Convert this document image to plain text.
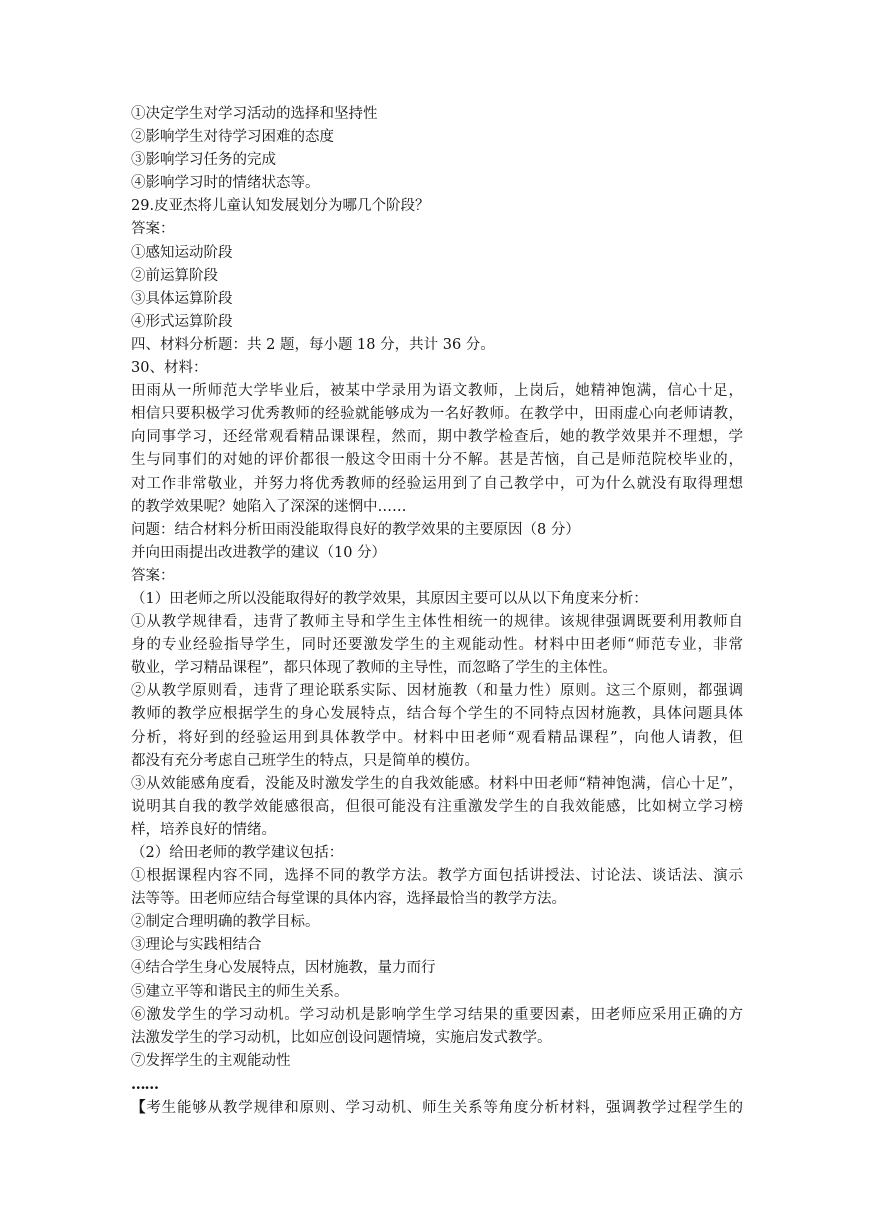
①决定学生对学习活动的选择和坚持性
②影响学生对待学习困难的态度
③影响学习任务的完成
④影响学习时的情绪状态等。
29.皮亚杰将儿童认知发展划分为哪几个阶段？
答案：
①感知运动阶段
②前运算阶段
③具体运算阶段
④形式运算阶段
四、材料分析题：共 2 题，每小题 18 分，共计 36 分。
30、材料：
田雨从一所师范大学毕业后，被某中学录用为语文教师，上岗后，她精神饱满，信心十足，
相信只要积极学习优秀教师的经验就能够成为一名好教师。在教学中，田雨虚心向老师请教，
向同事学习，还经常观看精品课课程，然而，期中教学检查后，她的教学效果并不理想，学
生与同事们的对她的评价都很一般这令田雨十分不解。甚是苦恼，自己是师范院校毕业的，
对工作非常敬业，并努力将优秀教师的经验运用到了自己教学中，可为什么就没有取得理想
的教学效果呢？她陷入了深深的迷惘中……
问题：结合材料分析田雨没能取得良好的教学效果的主要原因（8 分）
并向田雨提出改进教学的建议（10 分）
答案：
（1）田老师之所以没能取得好的教学效果，其原因主要可以从以下角度来分析：
①从教学规律看，违背了教师主导和学生主体性相统一的规律。该规律强调既要利用教师自
身的专业经验指导学生，同时还要激发学生的主观能动性。材料中田老师“师范专业，非常
敬业，学习精品课程”，都只体现了教师的主导性，而忽略了学生的主体性。
②从教学原则看，违背了理论联系实际、因材施教（和量力性）原则。这三个原则，都强调
教师的教学应根据学生的身心发展特点，结合每个学生的不同特点因材施教，具体问题具体
分析，将好到的经验运用到具体教学中。材料中田老师“观看精品课程”，向他人请教，但
都没有充分考虑自己班学生的特点，只是简单的模仿。
③从效能感角度看，没能及时激发学生的自我效能感。材料中田老师“精神饱满，信心十足”，
说明其自我的教学效能感很高，但很可能没有注重激发学生的自我效能感，比如树立学习榜
样，培养良好的情绪。
（2）给田老师的教学建议包括：
①根据课程内容不同，选择不同的教学方法。教学方面包括讲授法、讨论法、谈话法、演示
法等等。田老师应结合每堂课的具体内容，选择最恰当的教学方法。
②制定合理明确的教学目标。
③理论与实践相结合
④结合学生身心发展特点，因材施教，量力而行
⑤建立平等和谐民主的师生关系。
⑥激发学生的学习动机。学习动机是影响学生学习结果的重要因素，田老师应采用正确的方
法激发学生的学习动机，比如应创设问题情境，实施启发式教学。
⑦发挥学生的主观能动性
……
【考生能够从教学规律和原则、学习动机、师生关系等角度分析材料，强调教学过程学生的
